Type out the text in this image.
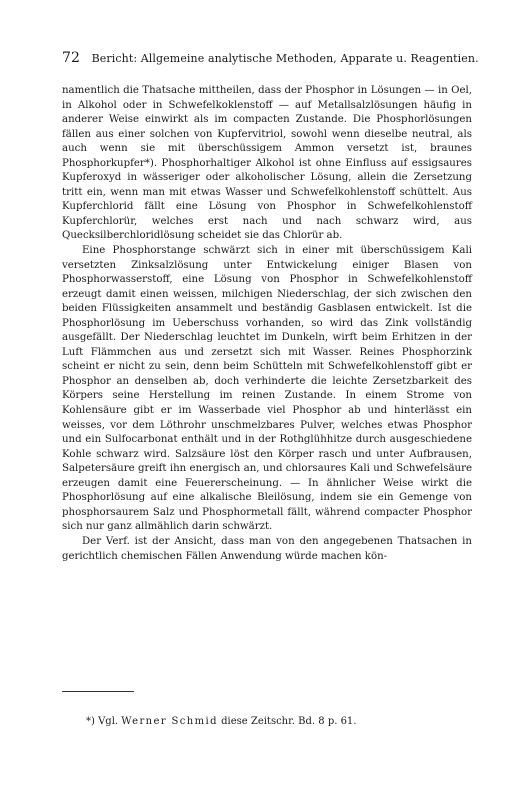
72 Bericht: Allgemeine analytische Methoden, Apparate u. Reagentien.

namentlich die Thatsache mittheilen, dass der Phosphor in Lösungen — in Oel, in Alkohol oder in Schwefelkoklenstoff — auf Metallsalzlösungen häufig in anderer Weise einwirkt als im compacten Zustande. Die Phosphorlösungen fällen aus einer solchen von Kupfervitriol, sowohl wenn dieselbe neutral, als auch wenn sie mit überschüssigem Ammon versetzt ist, braunes Phosphorkupfer*). Phosphorhaltiger Alkohol ist ohne Einfluss auf essigsaures Kupferoxyd in wässeriger oder alkoholischer Lösung, allein die Zersetzung tritt ein, wenn man mit etwas Wasser und Schwefelkohlenstoff schüttelt. Aus Kupferchlorid fällt eine Lösung von Phosphor in Schwefelkohlenstoff Kupferchlorür, welches erst nach und nach schwarz wird, aus Quecksilberchloridlösung scheidet sie das Chlorür ab.

Eine Phosphorstange schwärzt sich in einer mit überschüssigem Kali versetzten Zinksalzlösung unter Entwickelung einiger Blasen von Phosphorwasserstoff, eine Lösung von Phosphor in Schwefelkohlenstoff erzeugt damit einen weissen, milchigen Niederschlag, der sich zwischen den beiden Flüssigkeiten ansammelt und beständig Gasblasen entwickelt. Ist die Phosphorlösung im Ueberschuss vorhanden, so wird das Zink vollständig ausgefällt. Der Niederschlag leuchtet im Dunkeln, wirft beim Erhitzen in der Luft Flämmchen aus und zersetzt sich mit Wasser. Reines Phosphorzink scheint er nicht zu sein, denn beim Schütteln mit Schwefelkohlenstoff gibt er Phosphor an denselben ab, doch verhinderte die leichte Zersetzbarkeit des Körpers seine Herstellung im reinen Zustande. In einem Strome von Kohlensäure gibt er im Wasserbade viel Phosphor ab und hinterlässt ein weisses, vor dem Löthrohr unschmelzbares Pulver, welches etwas Phosphor und ein Sulfocarbonat enthält und in der Rothglühhitze durch ausgeschiedene Kohle schwarz wird. Salzsäure löst den Körper rasch und unter Aufbrausen, Salpetersäure greift ihn energisch an, und chlorsaures Kali und Schwefelsäure erzeugen damit eine Feuererscheinung. — In ähnlicher Weise wirkt die Phosphorlösung auf eine alkalische Bleilösung, indem sie ein Gemenge von phosphorsaurem Salz und Phosphormetall fällt, während compacter Phosphor sich nur ganz allmählich darin schwärzt.

Der Verf. ist der Ansicht, dass man von den angegebenen Thatsachen in gerichtlich chemischen Fällen Anwendung würde machen kön-

*) Vgl. Werner Schmid diese Zeitschr. Bd. 8 p. 61.
